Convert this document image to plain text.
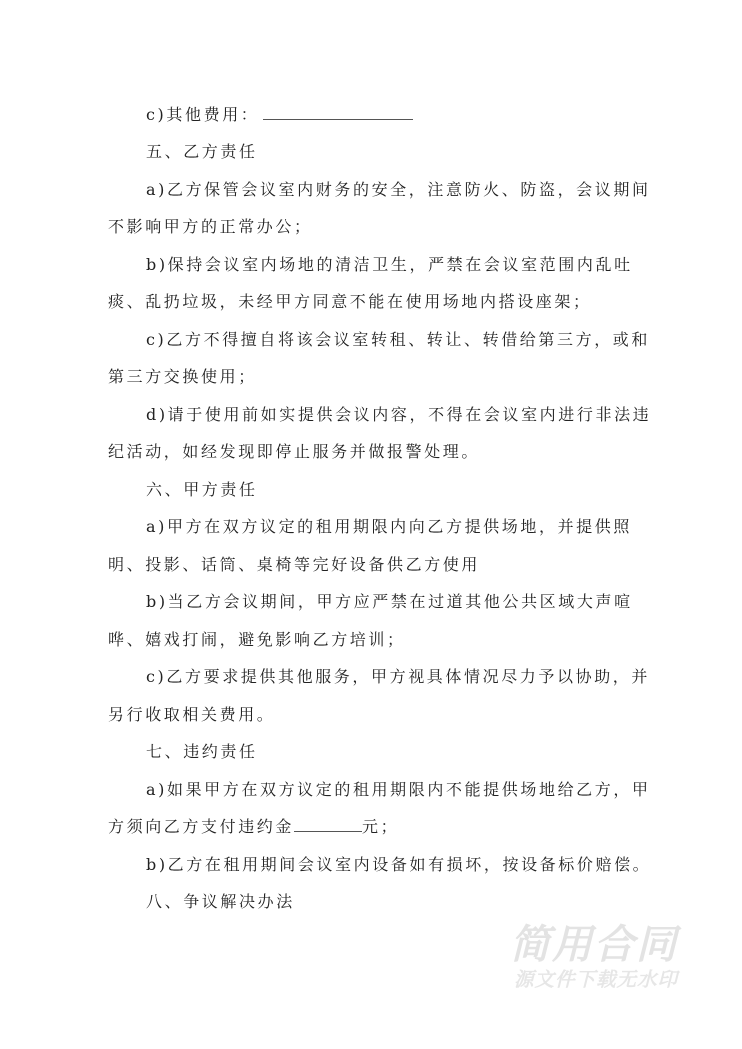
c)其他费用：
五、乙方责任
a)乙方保管会议室内财务的安全，注意防火、防盗，会议期间
不影响甲方的正常办公；
b)保持会议室内场地的清洁卫生，严禁在会议室范围内乱吐
痰、乱扔垃圾，未经甲方同意不能在使用场地内搭设座架；
c)乙方不得擅自将该会议室转租、转让、转借给第三方，或和
第三方交换使用；
d)请于使用前如实提供会议内容，不得在会议室内进行非法违
纪活动，如经发现即停止服务并做报警处理。
六、甲方责任
a)甲方在双方议定的租用期限内向乙方提供场地，并提供照
明、投影、话筒、桌椅等完好设备供乙方使用
b)当乙方会议期间，甲方应严禁在过道其他公共区域大声喧
哗、嬉戏打闹，避免影响乙方培训；
c)乙方要求提供其他服务，甲方视具体情况尽力予以协助，并
另行收取相关费用。
七、违约责任
a)如果甲方在双方议定的租用期限内不能提供场地给乙方，甲
方须向乙方支付违约金	元；
b)乙方在租用期间会议室内设备如有损坏，按设备标价赔偿。
八、争议解决办法
简用合同
源文件下载无水印
